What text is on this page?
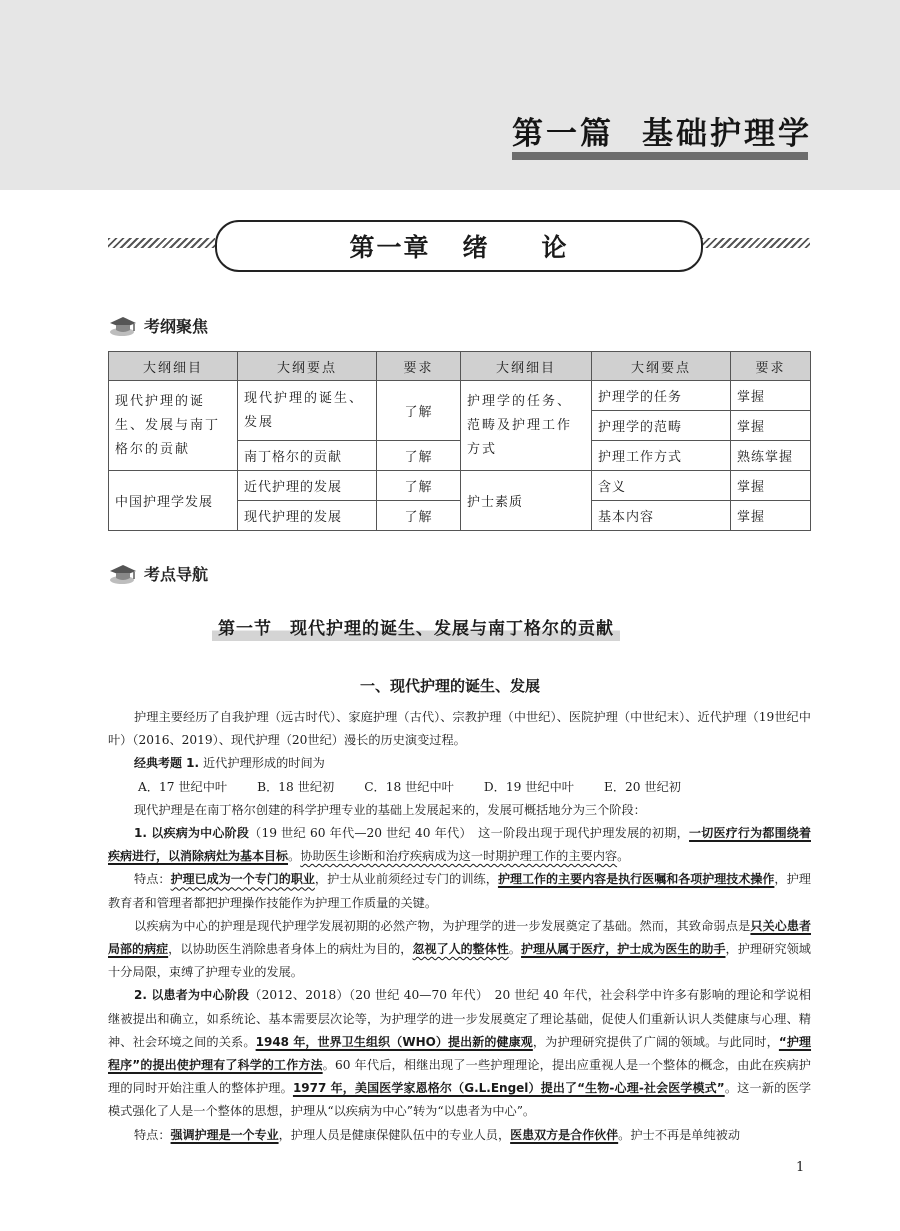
第一篇 基础护理学
第一章 绪 论
考纲聚焦
大纲细目	大纲要点	要求	大纲细目	大纲要点	要求
现代护理的诞生、发展与南丁格尔的贡献	现代护理的诞生、发展	了解	护理学的任务、范畴及护理工作方式	护理学的任务	掌握
				护理学的范畴	掌握
	南丁格尔的贡献	了解		护理工作方式	熟练掌握
中国护理学发展	近代护理的发展	了解	护士素质	含义	掌握
	现代护理的发展	了解		基本内容	掌握
考点导航
第一节　现代护理的诞生、发展与南丁格尔的贡献
一、现代护理的诞生、发展

护理主要经历了自我护理（远古时代）、家庭护理（古代）、宗教护理（中世纪）、医院护理（中世纪末）、近代护理（19世纪中叶）（2016、2019）、现代护理（20世纪）漫长的历史演变过程。

经典考题 1. 近代护理形成的时间为

A．17 世纪中叶 B．18 世纪初 C．18 世纪中叶 D．19 世纪中叶 E．20 世纪初

现代护理是在南丁格尔创建的科学护理专业的基础上发展起来的，发展可概括地分为三个阶段：

1. 以疾病为中心阶段（19 世纪 60 年代—20 世纪 40 年代）　这一阶段出现于现代护理发展的初期，一切医疗行为都围绕着疾病进行，以消除病灶为基本目标。协助医生诊断和治疗疾病成为这一时期护理工作的主要内容。

特点：护理已成为一个专门的职业，护士从业前须经过专门的训练，护理工作的主要内容是执行医嘱和各项护理技术操作，护理教育者和管理者都把护理操作技能作为护理工作质量的关键。

以疾病为中心的护理是现代护理学发展初期的必然产物，为护理学的进一步发展奠定了基础。然而，其致命弱点是只关心患者局部的病症，以协助医生消除患者身体上的病灶为目的，忽视了人的整体性。护理从属于医疗，护士成为医生的助手，护理研究领域十分局限，束缚了护理专业的发展。

2. 以患者为中心阶段（2012、2018）（20 世纪 40—70 年代）　20 世纪 40 年代，社会科学中许多有影响的理论和学说相继被提出和确立，如系统论、基本需要层次论等，为护理学的进一步发展奠定了理论基础，促使人们重新认识人类健康与心理、精神、社会环境之间的关系。1948 年，世界卫生组织（WHO）提出新的健康观，为护理研究提供了广阔的领域。与此同时，“护理程序”的提出使护理有了科学的工作方法。60 年代后，相继出现了一些护理理论，提出应重视人是一个整体的概念，由此在疾病护理的同时开始注重人的整体护理。1977 年，美国医学家恩格尔（G.L.Engel）提出了“生物-心理-社会医学模式”。这一新的医学模式强化了人是一个整体的思想，护理从“以疾病为中心”转为“以患者为中心”。

特点：强调护理是一个专业，护理人员是健康保健队伍中的专业人员，医患双方是合作伙伴。护士不再是单纯被动

1
